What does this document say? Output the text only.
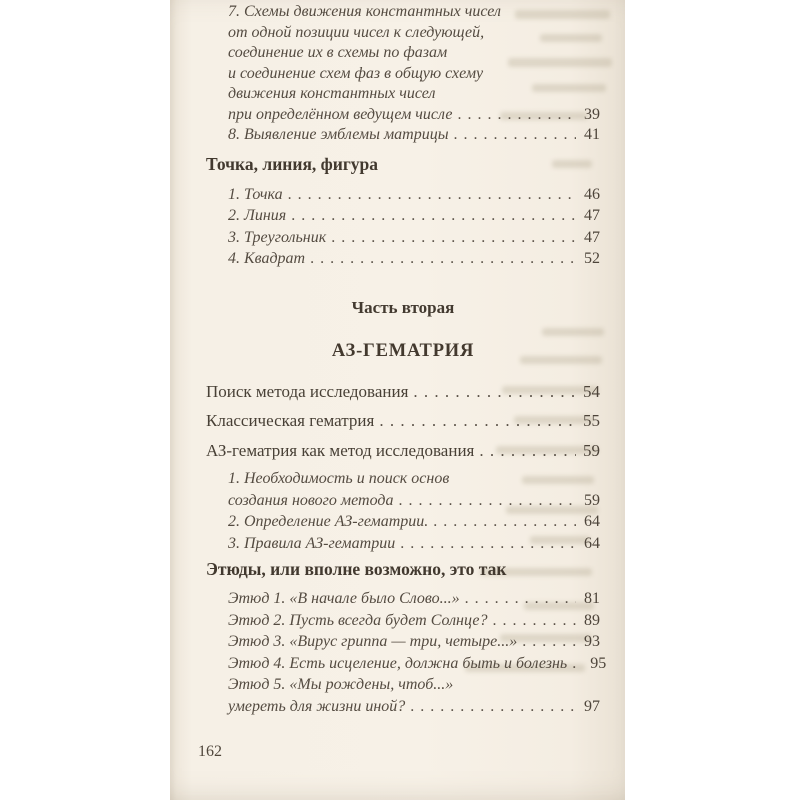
7. Схемы движения константных чисел
от одной позиции чисел к следующей,
соединение их в схемы по фазам
и соединение схем фаз в общую схему
движения константных чисел
при определённом ведущем числе . . .	39
8. Выявление эмблемы матрицы . . .	41
Точка, линия, фигура
1. Точка . . .	46
2. Линия . . .	47
3. Треугольник . . .	47
4. Квадрат . . .	52
Часть вторая
АЗ-ГЕМАТРИЯ
Поиск метода исследования . . .	54
Классическая гематрия . . .	55
АЗ-гематрия как метод исследования . . .	59
1. Необходимость и поиск основ
создания нового метода . . .	59
2. Определение АЗ-гематрии. . . .	64
3. Правила АЗ-гематрии . . .	64
Этюды, или вполне возможно, это так
Этюд 1. «В начале было Слово...» . . .	81
Этюд 2. Пусть всегда будет Солнце? . . .	89
Этюд 3. «Вирус гриппа — три, четыре...» . . .	93
Этюд 4. Есть исцеление, должна быть и болезнь . . .	95
Этюд 5. «Мы рождены, чтоб...»
умереть для жизни иной? . . .	97
162
